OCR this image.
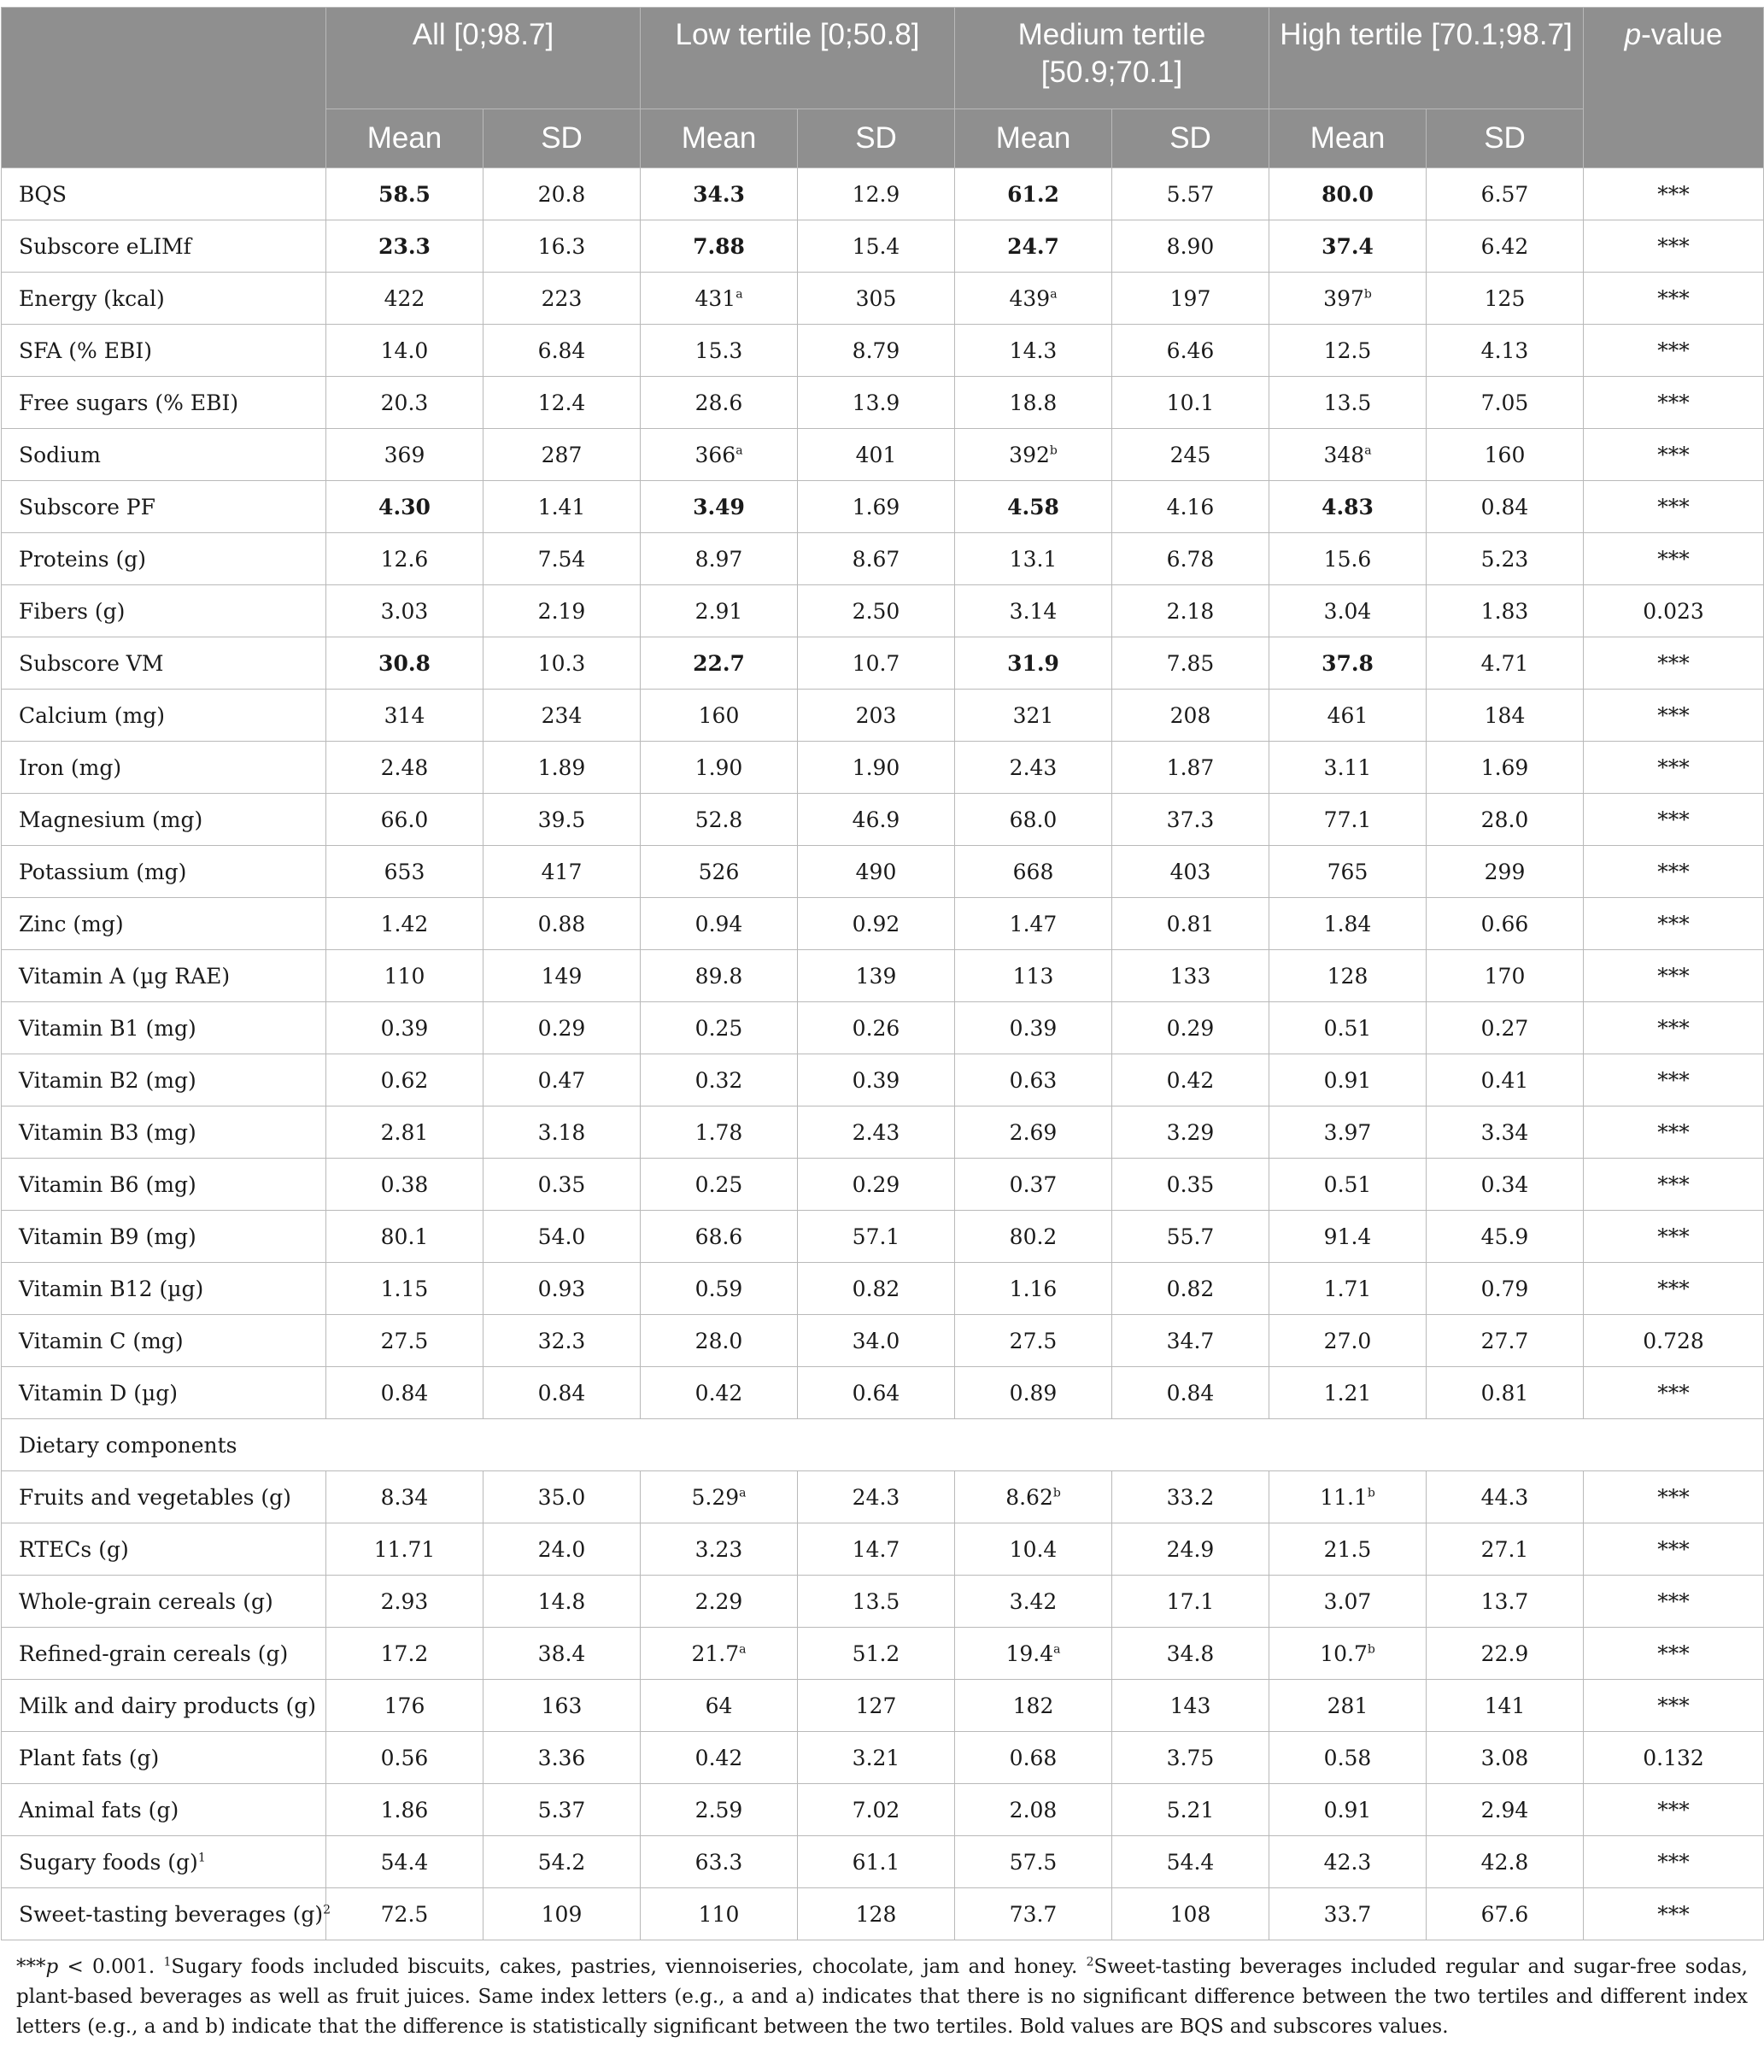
	All [0;98.7]		Low tertile [0;50.8]		Medium tertile [50.9;70.1]		High tertile [70.1;98.7]		p-value
	Mean	SD	Mean	SD	Mean	SD	Mean	SD	
BQS	58.5	20.8	34.3	12.9	61.2	5.57	80.0	6.57	***
Subscore eLIMf	23.3	16.3	7.88	15.4	24.7	8.90	37.4	6.42	***
Energy (kcal)	422	223	431$^a$	305	439$^a$	197	397$^b$	125	***
SFA (% EBI)	14.0	6.84	15.3	8.79	14.3	6.46	12.5	4.13	***
Free sugars (% EBI)	20.3	12.4	28.6	13.9	18.8	10.1	13.5	7.05	***
Sodium	369	287	366$^a$	401	392$^b$	245	348$^a$	160	***
Subscore PF	4.30	1.41	3.49	1.69	4.58	4.16	4.83	0.84	***
Proteins (g)	12.6	7.54	8.97	8.67	13.1	6.78	15.6	5.23	***
Fibers (g)	3.03	2.19	2.91	2.50	3.14	2.18	3.04	1.83	0.023
Subscore VM	30.8	10.3	22.7	10.7	31.9	7.85	37.8	4.71	***
Calcium (mg)	314	234	160	203	321	208	461	184	***
Iron (mg)	2.48	1.89	1.90	1.90	2.43	1.87	3.11	1.69	***
Magnesium (mg)	66.0	39.5	52.8	46.9	68.0	37.3	77.1	28.0	***
Potassium (mg)	653	417	526	490	668	403	765	299	***
Zinc (mg)	1.42	0.88	0.94	0.92	1.47	0.81	1.84	0.66	***
Vitamin A (µg RAE)	110	149	89.8	139	113	133	128	170	***
Vitamin B1 (mg)	0.39	0.29	0.25	0.26	0.39	0.29	0.51	0.27	***
Vitamin B2 (mg)	0.62	0.47	0.32	0.39	0.63	0.42	0.91	0.41	***
Vitamin B3 (mg)	2.81	3.18	1.78	2.43	2.69	3.29	3.97	3.34	***
Vitamin B6 (mg)	0.38	0.35	0.25	0.29	0.37	0.35	0.51	0.34	***
Vitamin B9 (mg)	80.1	54.0	68.6	57.1	80.2	55.7	91.4	45.9	***
Vitamin B12 (µg)	1.15	0.93	0.59	0.82	1.16	0.82	1.71	0.79	***
Vitamin C (mg)	27.5	32.3	28.0	34.0	27.5	34.7	27.0	27.7	0.728
Vitamin D (µg)	0.84	0.84	0.42	0.64	0.89	0.84	1.21	0.81	***
Dietary components									
Fruits and vegetables (g)	8.34	35.0	5.29$^a$	24.3	8.62$^b$	33.2	11.1$^b$	44.3	***
RTECs (g)	11.71	24.0	3.23	14.7	10.4	24.9	21.5	27.1	***
Whole-grain cereals (g)	2.93	14.8	2.29	13.5	3.42	17.1	3.07	13.7	***
Refined-grain cereals (g)	17.2	38.4	21.7$^a$	51.2	19.4$^a$	34.8	10.7$^b$	22.9	***
Milk and dairy products (g)	176	163	64	127	182	143	281	141	***
Plant fats (g)	0.56	3.36	0.42	3.21	0.68	3.75	0.58	3.08	0.132
Animal fats (g)	1.86	5.37	2.59	7.02	2.08	5.21	0.91	2.94	***
Sugary foods $(g)^1$	54.4	54.2	63.3	61.1	57.5	54.4	42.3	42.8	***
Sweet-tasting beverages $(g)^2$	72.5	109	110	128	73.7	108	33.7	67.6	***
***p < 0.001. $^1$Sugary foods included biscuits, cakes, pastries, viennoiseries, chocolate, jam and honey. $^2$Sweet-tasting beverages included regular and sugar-free sodas, plant-based beverages as well as fruit juices. Same index letters (e.g., a and a) indicates that there is no significant difference between the two tertiles and different index letters (e.g., a and b) indicate that the difference is statistically significant between the two tertiles. Bold values are BQS and subscores values.
